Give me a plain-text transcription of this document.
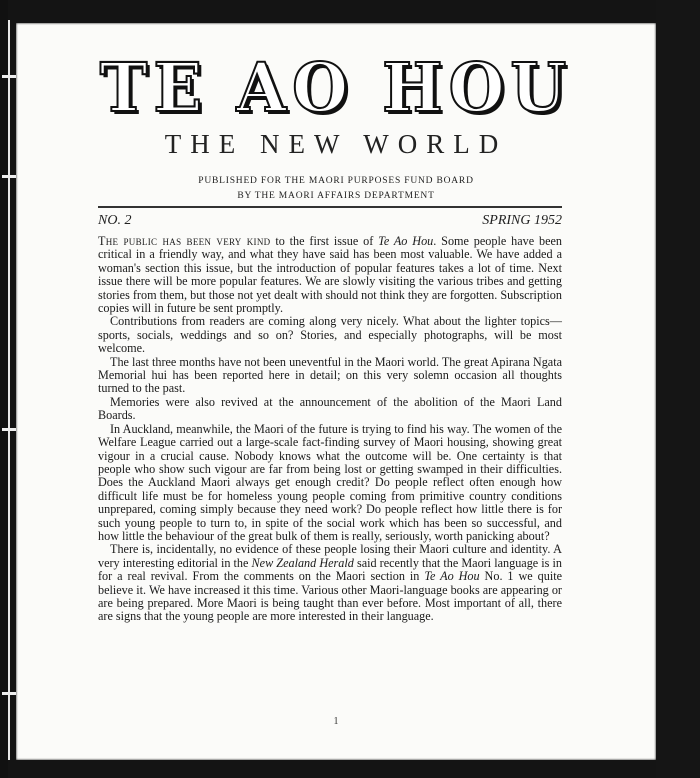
TE AO HOU
THE NEW WORLD
PUBLISHED FOR THE MAORI PURPOSES FUND BOARD
BY THE MAORI AFFAIRS DEPARTMENT
NO. 2	SPRING 1952

The public has been very kind to the first issue of Te Ao Hou. Some people have been critical in a friendly way, and what they have said has been most valuable. We have added a woman's section this issue, but the introduction of popular features takes a lot of time. Next issue there will be more popular features. We are slowly visiting the various tribes and getting stories from them, but those not yet dealt with should not think they are forgotten. Subscription copies will in future be sent promptly.

Contributions from readers are coming along very nicely. What about the lighter topics—sports, socials, weddings and so on? Stories, and especially photographs, will be most welcome.

The last three months have not been uneventful in the Maori world. The great Apirana Ngata Memorial hui has been reported here in detail; on this very solemn occasion all thoughts turned to the past.

Memories were also revived at the announcement of the abolition of the Maori Land Boards.

In Auckland, meanwhile, the Maori of the future is trying to find his way. The women of the Welfare League carried out a large-scale fact-finding survey of Maori housing, showing great vigour in a crucial cause. Nobody knows what the outcome will be. One certainty is that people who show such vigour are far from being lost or getting swamped in their difficulties. Does the Auckland Maori always get enough credit? Do people reflect often enough how difficult life must be for homeless young people coming from primitive country conditions unprepared, coming simply because they need work? Do people reflect how little there is for such young people to turn to, in spite of the social work which has been so successful, and how little the behaviour of the great bulk of them is really, seriously, worth panicking about?

There is, incidentally, no evidence of these people losing their Maori culture and identity. A very interesting editorial in the New Zealand Herald said recently that the Maori language is in for a real revival. From the comments on the Maori section in Te Ao Hou No. 1 we quite believe it. We have increased it this time. Various other Maori-language books are appearing or are being prepared. More Maori is being taught than ever before. Most important of all, there are signs that the young people are more interested in their language.

1
